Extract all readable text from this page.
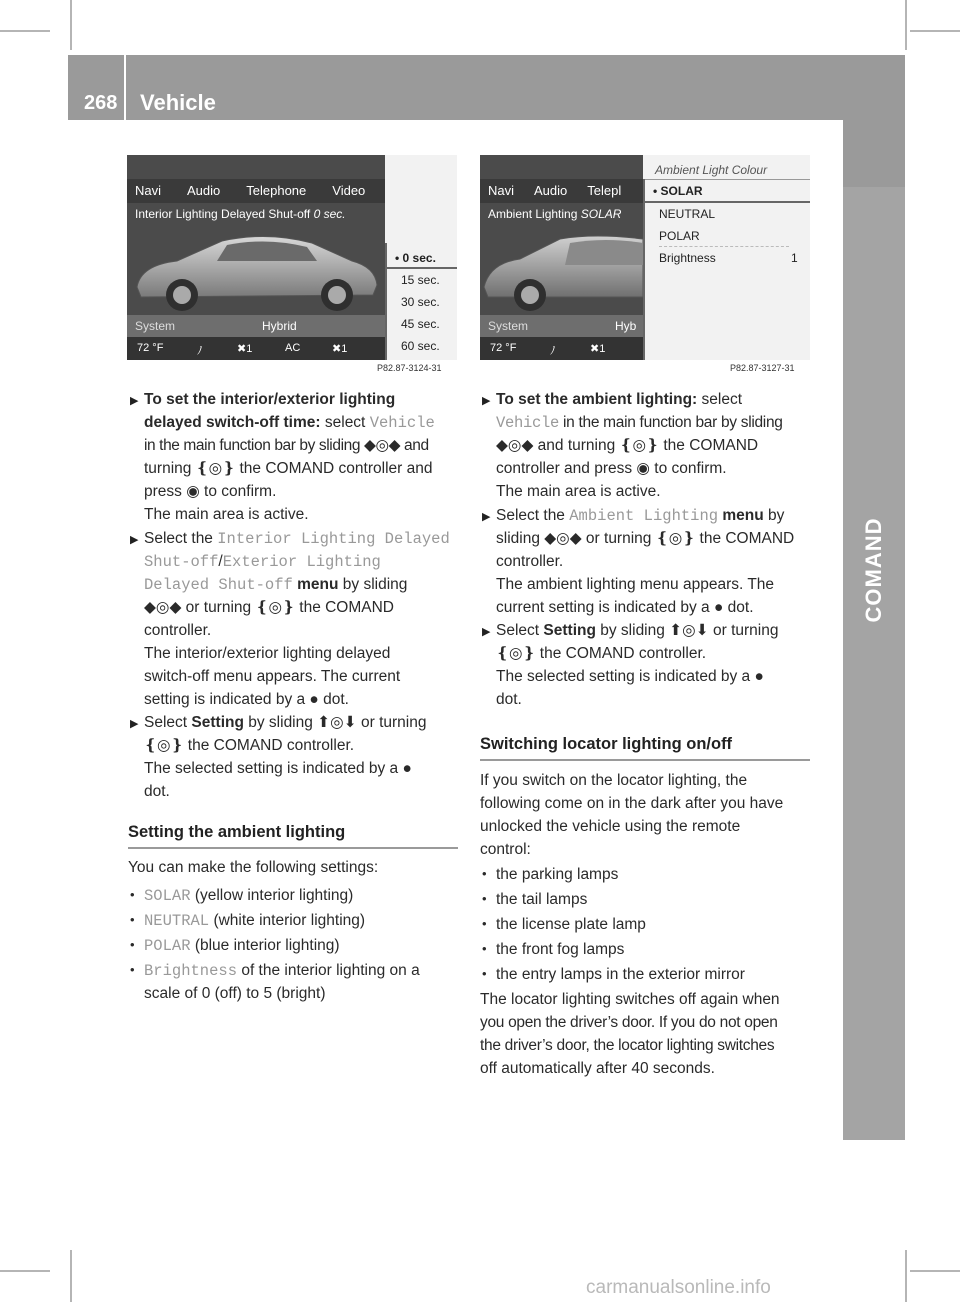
268 Vehicle
COMAND
Navi Audio Telephone Video
Interior Lighting Delayed Shut-off 0 sec.
System	Hybrid
72 °F	ﾉ	✖1	AC	✖1
• 0 sec.
15 sec.
30 sec.
45 sec.
60 sec.
P82.87-3124-31
Navi Audio Telepl
Ambient Lighting SOLAR
System	Hyb
72 °F	ﾉ	✖1
Ambient Light Colour
• SOLAR
NEUTRAL
POLAR
Brightness	1
P82.87-3127-31
▶ To set the interior/exterior lighting
delayed switch-off time: select Vehicle
in the main function bar by sliding ◆◎◆ and
turning ❴◎❵ the COMAND controller and
press ◉ to confirm.
The main area is active.
▶ Select the Interior Lighting Delayed
Shut-off/Exterior Lighting
Delayed Shut-off menu by sliding
◆◎◆ or turning ❴◎❵ the COMAND
controller.
The interior/exterior lighting delayed
switch-off menu appears. The current
setting is indicated by a ● dot.
▶ Select Setting by sliding ⬆◎⬇ or turning
❴◎❵ the COMAND controller.
The selected setting is indicated by a ●
dot.
Setting the ambient lighting
You can make the following settings:
• SOLAR (yellow interior lighting)
• NEUTRAL (white interior lighting)
• POLAR (blue interior lighting)
• Brightness of the interior lighting on a
scale of 0 (off) to 5 (bright)
▶ To set the ambient lighting: select
Vehicle in the main function bar by sliding
◆◎◆ and turning ❴◎❵ the COMAND
controller and press ◉ to confirm.
The main area is active.
▶ Select the Ambient Lighting menu by
sliding ◆◎◆ or turning ❴◎❵ the COMAND
controller.
The ambient lighting menu appears. The
current setting is indicated by a ● dot.
▶ Select Setting by sliding ⬆◎⬇ or turning
❴◎❵ the COMAND controller.
The selected setting is indicated by a ●
dot.
Switching locator lighting on/off
If you switch on the locator lighting, the
following come on in the dark after you have
unlocked the vehicle using the remote
control:
• the parking lamps
• the tail lamps
• the license plate lamp
• the front fog lamps
• the entry lamps in the exterior mirror
The locator lighting switches off again when
you open the driver’s door. If you do not open
the driver’s door, the locator lighting switches
off automatically after 40 seconds.
carmanualsonline.info
